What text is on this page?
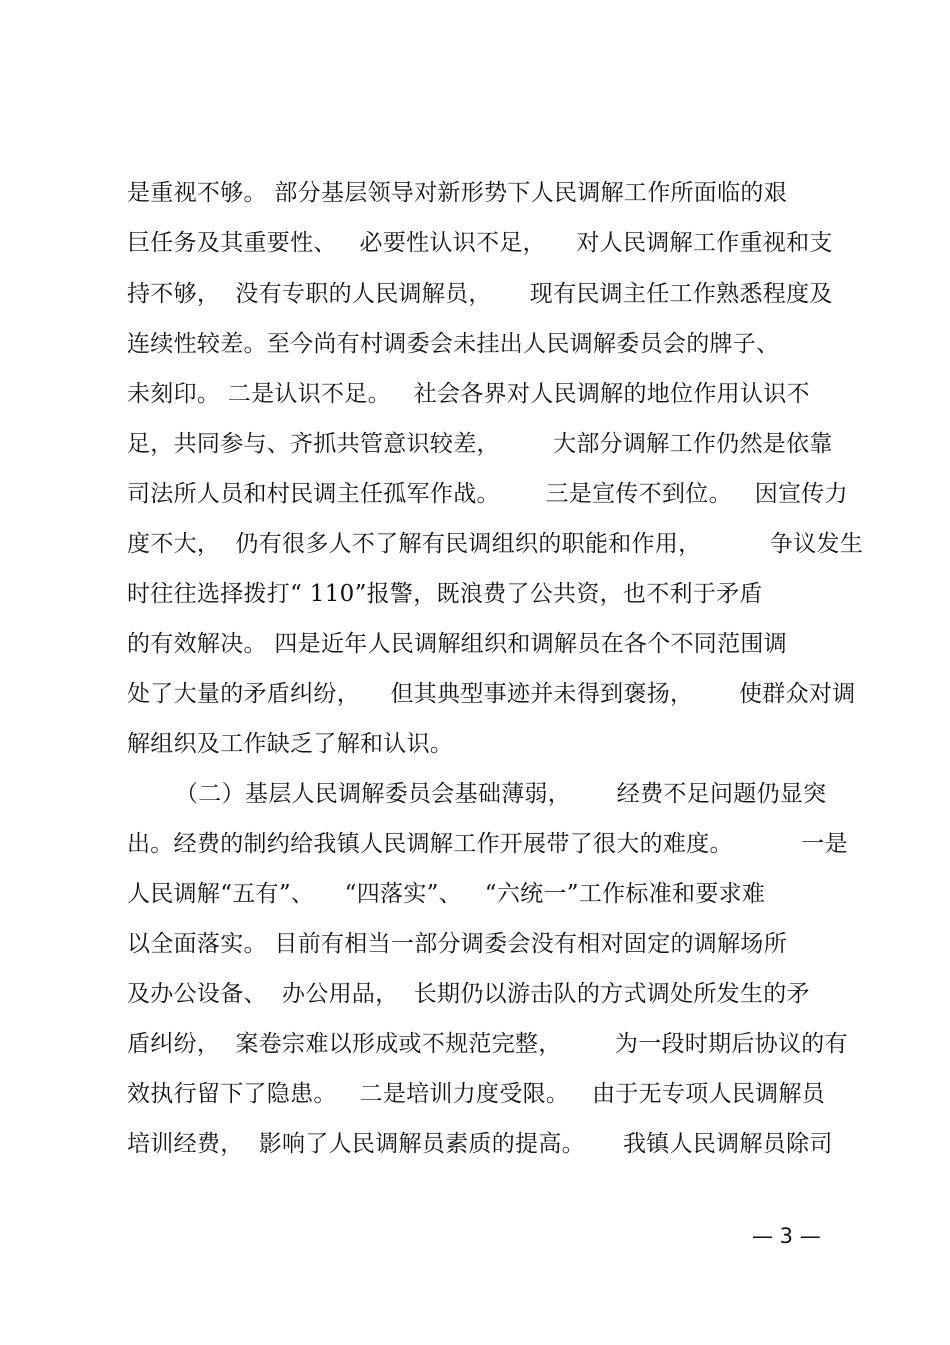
是重视不够。 部分基层领导对新形势下人民调解工作所面临的艰
巨任务及其重要性、   必要性认识不足，    对人民调解工作重视和支
持不够，  没有专职的人民调解员，     现有民调主任工作熟悉程度及
连续性较差。至今尚有村调委会未挂出人民调解委员会的牌子、
未刻印。 二是认识不足。   社会各界对人民调解的地位作用认识不
足，共同参与、齐抓共管意识较差，       大部分调解工作仍然是依靠
司法所人员和村民调主任孤军作战。      三是宣传不到位。   因宣传力
度不大，  仍有很多人不了解有民调组织的职能和作用，         争议发生
时往往选择拨打“ 110”报警，既浪费了公共资，也不利于矛盾
的有效解决。 四是近年人民调解组织和调解员在各个不同范围调
处了大量的矛盾纠纷，    但其典型事迹并未得到褒扬，      使群众对调
解组织及工作缺乏了解和认识。
（二）基层人民调解委员会基础薄弱，      经费不足问题仍显突
出。经费的制约给我镇人民调解工作开展带了很大的难度。         一是
人民调解“五有”、    “四落实”、   “六统一”工作标准和要求难
以全面落实。 目前有相当一部分调委会没有相对固定的调解场所
及办公设备、  办公用品，  长期仍以游击队的方式调处所发生的矛
盾纠纷，  案卷宗难以形成或不规范完整，       为一段时期后协议的有
效执行留下了隐患。   二是培训力度受限。   由于无专项人民调解员
培训经费，  影响了人民调解员素质的提高。     我镇人民调解员除司
— 3 —
